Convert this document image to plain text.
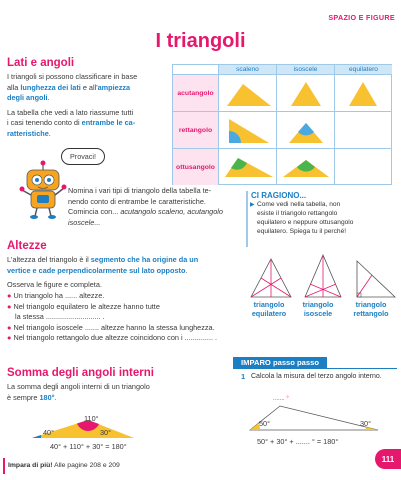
SPAZIO E FIGURE
I triangoli
Lati e angoli
I triangoli si possono classificare in base
alla lunghezza dei lati e all'ampiezza
degli angoli.
La tabella che vedi a lato riassume tutti
i casi tenendo conto di entrambe le ca-
ratteristiche.
scaleno	isoscele	equilatero
acutangolo
rettangolo
ottusangolo
Provaci!
Nomina i vari tipi di triangolo della tabella te-
nendo conto di entrambe le caratteristiche.
Comincia con... acutangolo scaleno, acutangolo
isoscele...
CI RAGIONO...
▶ Come vedi nella tabella, non
esiste il triangolo rettangolo
equilatero e neppure ottusangolo
equilatero. Spiega tu il perché!
Altezze
L'altezza del triangolo è il segmento che ha origine da un
vertice e cade perpendicolarmente sul lato opposto.
Osserva le figure e completa.
● Un triangolo ha ...... altezze.
● Nel triangolo equilatero le altezze hanno tutte
la stessa ........................... .
● Nel triangolo isoscele ....... altezze hanno la stessa lunghezza.
● Nel triangolo rettangolo due altezze coincidono con i .............. .
triangolo
equilatero
triangolo
isoscele
triangolo
rettangolo
Somma degli angoli interni
La somma degli angoli interni di un triangolo
è sempre 180°.
110°
40°	30°
40° + 110° + 30° = 180°
IMPARO passo passo
1 Calcola la misura del terzo angolo interno.
....... °
50°	30°
50° + 30° + ....... ° = 180°
Impara di più! Alle pagine 208 e 209
111
